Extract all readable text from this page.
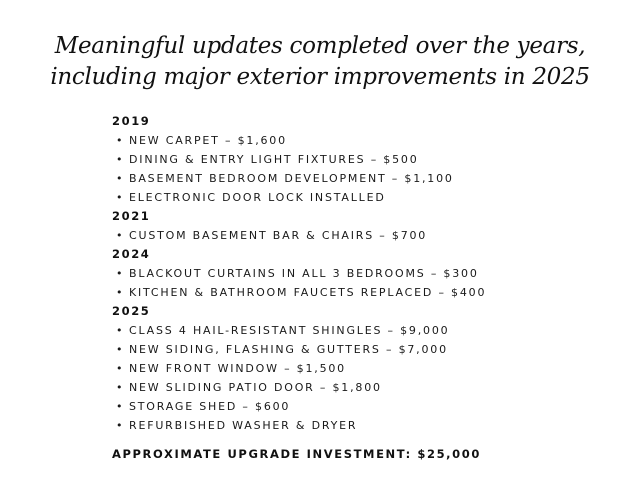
Meaningful updates completed over the years,
including major exterior improvements in 2025
2019
• NEW CARPET – $1,600
• DINING & ENTRY LIGHT FIXTURES – $500
• BASEMENT BEDROOM DEVELOPMENT – $1,100
• ELECTRONIC DOOR LOCK INSTALLED
2021
• CUSTOM BASEMENT BAR & CHAIRS – $700
2024
• BLACKOUT CURTAINS IN ALL 3 BEDROOMS – $300
• KITCHEN & BATHROOM FAUCETS REPLACED – $400
2025
• CLASS 4 HAIL-RESISTANT SHINGLES – $9,000
• NEW SIDING, FLASHING & GUTTERS – $7,000
• NEW FRONT WINDOW – $1,500
• NEW SLIDING PATIO DOOR – $1,800
• STORAGE SHED – $600
• REFURBISHED WASHER & DRYER
APPROXIMATE UPGRADE INVESTMENT: $25,000
